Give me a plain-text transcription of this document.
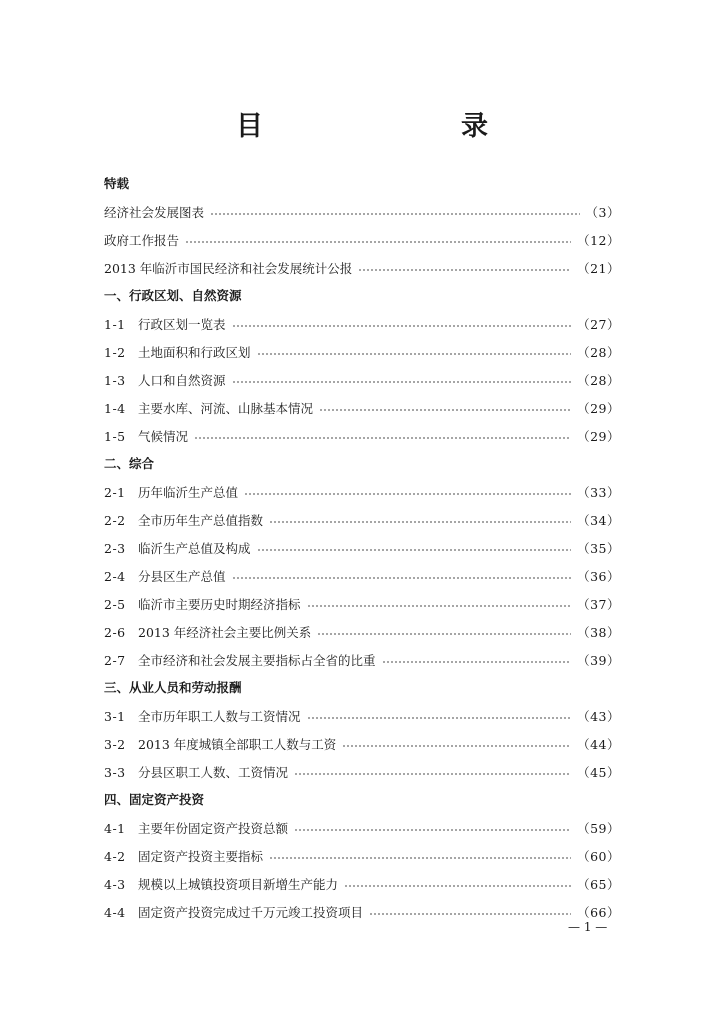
目　　录
特载
经济社会发展图表	（3）
政府工作报告	（12）
2013 年临沂市国民经济和社会发展统计公报	（21）
一、行政区划、自然资源
1-1 行政区划一览表	（27）
1-2 土地面积和行政区划	（28）
1-3 人口和自然资源	（28）
1-4 主要水库、河流、山脉基本情况	（29）
1-5 气候情况	（29）
二、综合
2-1 历年临沂生产总值	（33）
2-2 全市历年生产总值指数	（34）
2-3 临沂生产总值及构成	（35）
2-4 分县区生产总值	（36）
2-5 临沂市主要历史时期经济指标	（37）
2-6 2013 年经济社会主要比例关系	（38）
2-7 全市经济和社会发展主要指标占全省的比重	（39）
三、从业人员和劳动报酬
3-1 全市历年职工人数与工资情况	（43）
3-2 2013 年度城镇全部职工人数与工资	（44）
3-3 分县区职工人数、工资情况	（45）
四、固定资产投资
4-1 主要年份固定资产投资总额	（59）
4-2 固定资产投资主要指标	（60）
4-3 规模以上城镇投资项目新增生产能力	（65）
4-4 固定资产投资完成过千万元竣工投资项目	（66）
— 1 —
